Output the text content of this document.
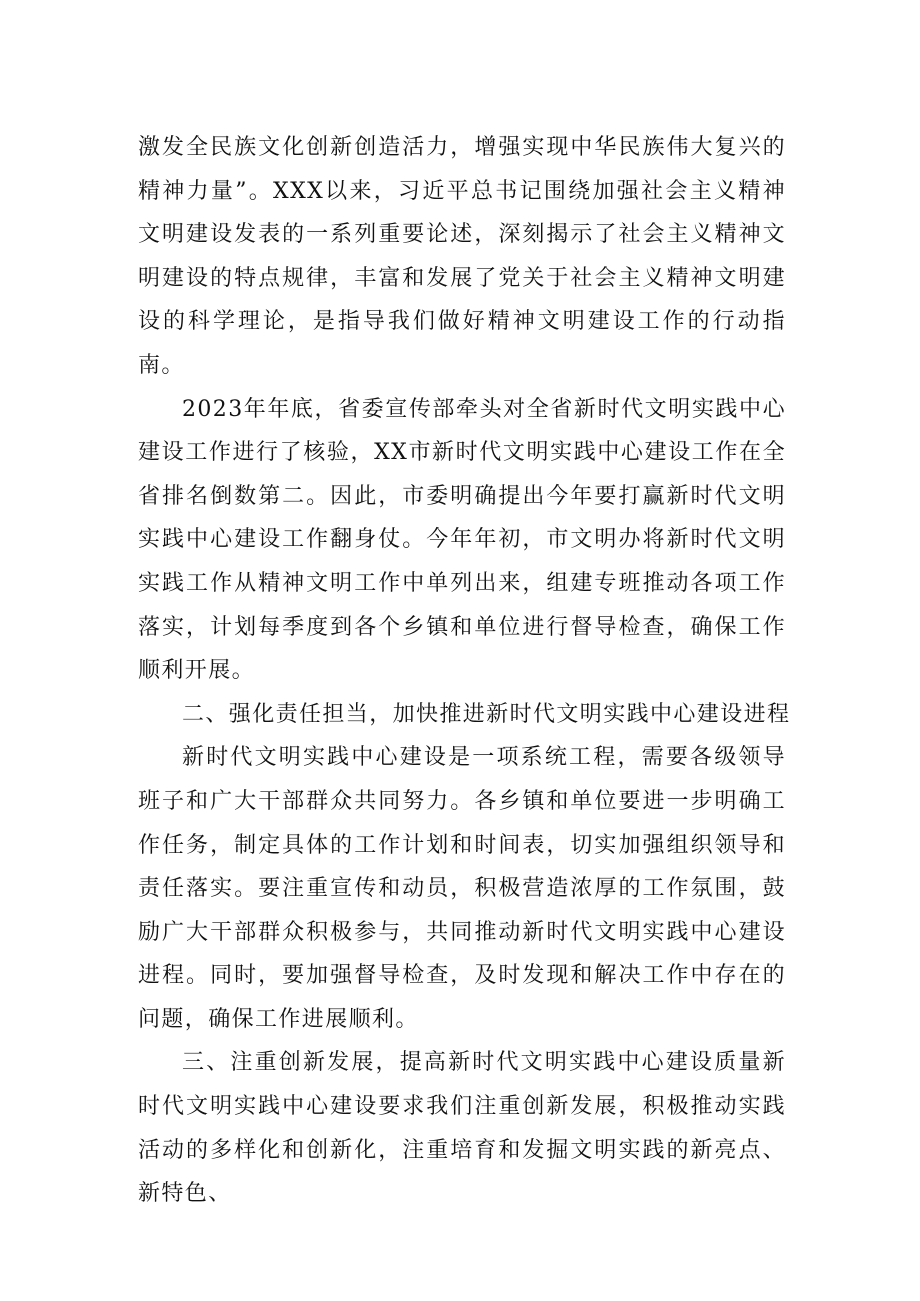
激发全民族文化创新创造活力，增强实现中华民族伟大复兴的精神力量”。XXX以来，习近平总书记围绕加强社会主义精神文明建设发表的一系列重要论述，深刻揭示了社会主义精神文明建设的特点规律，丰富和发展了党关于社会主义精神文明建设的科学理论，是指导我们做好精神文明建设工作的行动指南。

2023年年底，省委宣传部牵头对全省新时代文明实践中心建设工作进行了核验，XX市新时代文明实践中心建设工作在全省排名倒数第二。因此，市委明确提出今年要打赢新时代文明实践中心建设工作翻身仗。今年年初，市文明办将新时代文明实践工作从精神文明工作中单列出来，组建专班推动各项工作落实，计划每季度到各个乡镇和单位进行督导检查，确保工作顺利开展。

二、强化责任担当，加快推进新时代文明实践中心建设进程

新时代文明实践中心建设是一项系统工程，需要各级领导班子和广大干部群众共同努力。各乡镇和单位要进一步明确工作任务，制定具体的工作计划和时间表，切实加强组织领导和责任落实。要注重宣传和动员，积极营造浓厚的工作氛围，鼓励广大干部群众积极参与，共同推动新时代文明实践中心建设进程。同时，要加强督导检查，及时发现和解决工作中存在的问题，确保工作进展顺利。

三、注重创新发展，提高新时代文明实践中心建设质量新时代文明实践中心建设要求我们注重创新发展，积极推动实践活动的多样化和创新化，注重培育和发掘文明实践的新亮点、新特色、
